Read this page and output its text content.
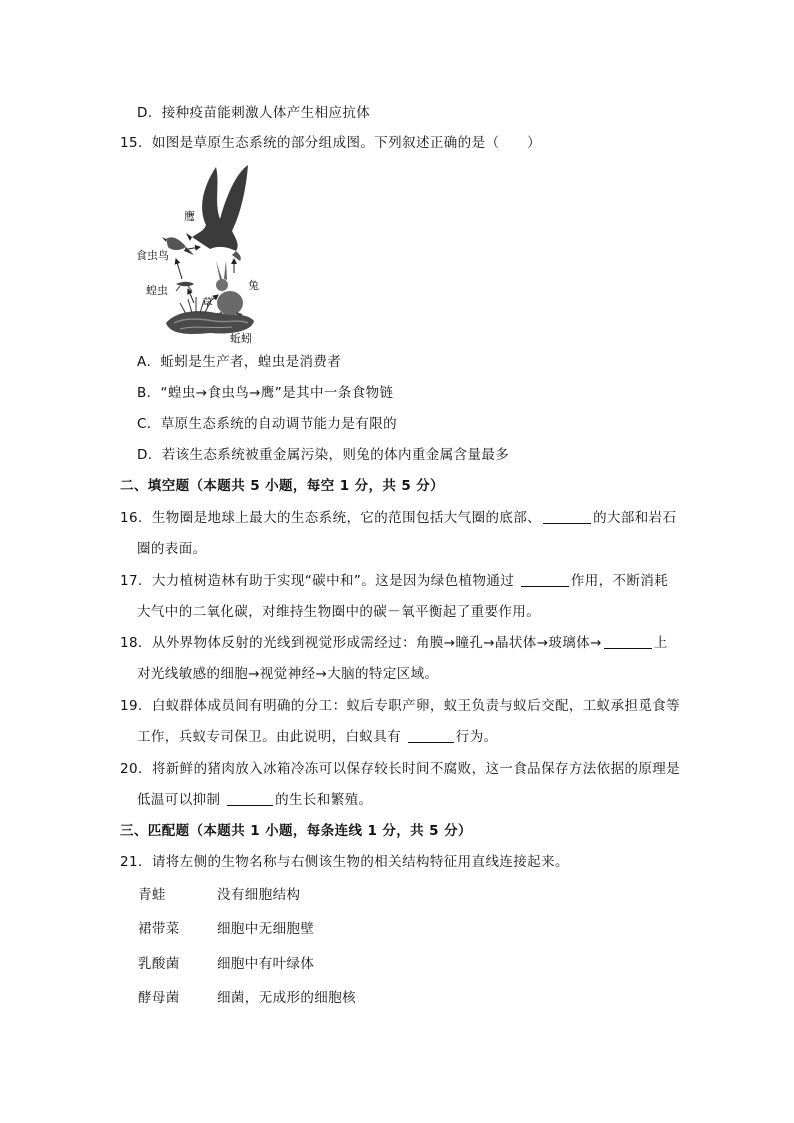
D．接种疫苗能刺激人体产生相应抗体
15．如图是草原生态系统的部分组成图。下列叙述正确的是（　　）
鹰
食虫鸟
蝗虫
草
兔
蚯蚓
A．蚯蚓是生产者，蝗虫是消费者
B．“蝗虫→食虫鸟→鹰”是其中一条食物链
C．草原生态系统的自动调节能力是有限的
D．若该生态系统被重金属污染，则兔的体内重金属含量最多
二、填空题（本题共 5 小题，每空 1 分，共 5 分）
16．生物圈是地球上最大的生态系统，它的范围包括大气圈的底部、	的大部和岩石
圈的表面。
17．大力植树造林有助于实现“碳中和”。这是因为绿色植物通过	作用，不断消耗
大气中的二氧化碳，对维持生物圈中的碳－氧平衡起了重要作用。
18．从外界物体反射的光线到视觉形成需经过：角膜→瞳孔→晶状体→玻璃体→	上
对光线敏感的细胞→视觉神经→大脑的特定区域。
19．白蚁群体成员间有明确的分工：蚁后专职产卵，蚁王负责与蚁后交配，工蚁承担觅食等
工作，兵蚁专司保卫。由此说明，白蚁具有	行为。
20．将新鲜的猪肉放入冰箱冷冻可以保存较长时间不腐败，这一食品保存方法依据的原理是
低温可以抑制	的生长和繁殖。
三、匹配题（本题共 1 小题，每条连线 1 分，共 5 分）
21．请将左侧的生物名称与右侧该生物的相关结构特征用直线连接起来。
青蛙	没有细胞结构
裙带菜	细胞中无细胞壁
乳酸菌	细胞中有叶绿体
酵母菌	细菌，无成形的细胞核
